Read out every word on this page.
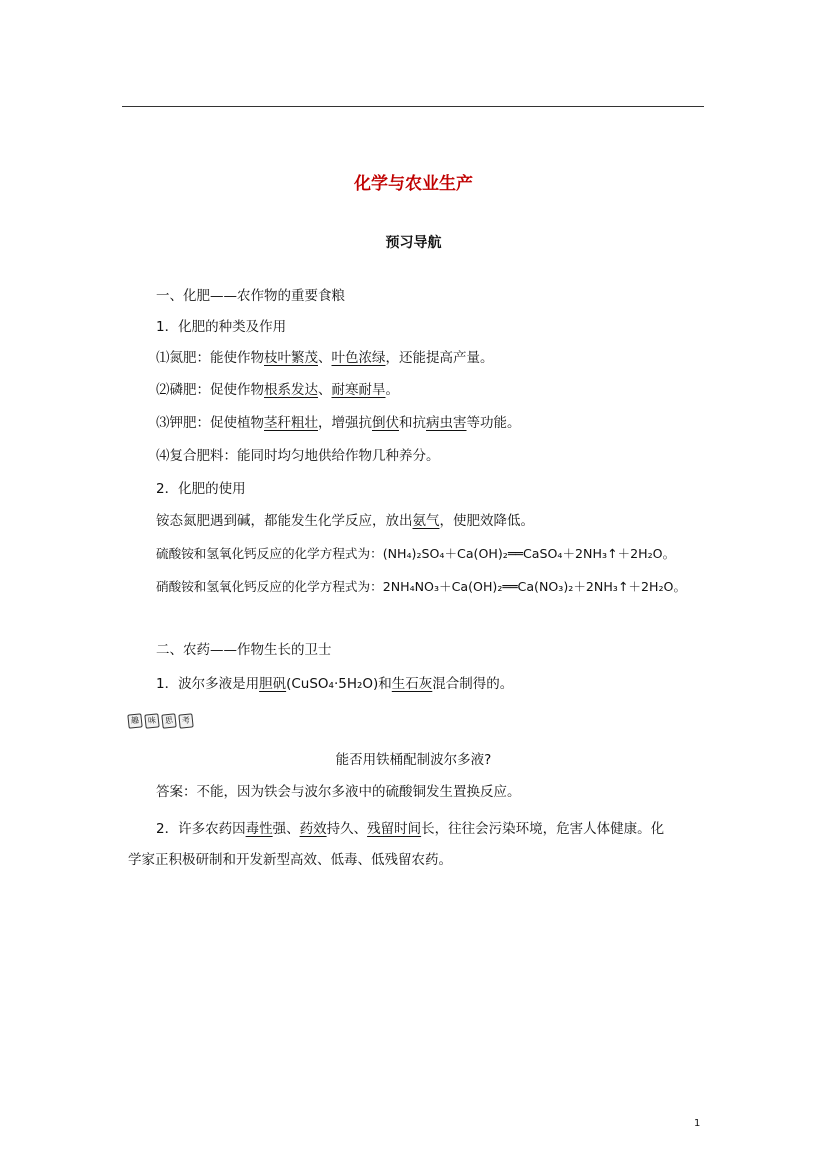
化学与农业生产
预习导航
一、化肥——农作物的重要食粮
1．化肥的种类及作用
⑴氮肥：能使作物枝叶繁茂、叶色浓绿，还能提高产量。
⑵磷肥：促使作物根系发达、耐寒耐旱。
⑶钾肥：促使植物茎秆粗壮，增强抗倒伏和抗病虫害等功能。
⑷复合肥料：能同时均匀地供给作物几种养分。
2．化肥的使用
铵态氮肥遇到碱，都能发生化学反应，放出氨气，使肥效降低。
硫酸铵和氢氧化钙反应的化学方程式为：(NH₄)₂SO₄＋Ca(OH)₂══CaSO₄＋2NH₃↑＋2H₂O。
硝酸铵和氢氧化钙反应的化学方程式为：2NH₄NO₃＋Ca(OH)₂══Ca(NO₃)₂＋2NH₃↑＋2H₂O。
二、农药——作物生长的卫士
1．波尔多液是用胆矾(CuSO₄·5H₂O)和生石灰混合制得的。
趣	味	思	考
能否用铁桶配制波尔多液?
答案：不能，因为铁会与波尔多液中的硫酸铜发生置换反应。
2．许多农药因毒性强、药效持久、残留时间长，往往会污染环境，危害人体健康。化
学家正积极研制和开发新型高效、低毒、低残留农药。
1
